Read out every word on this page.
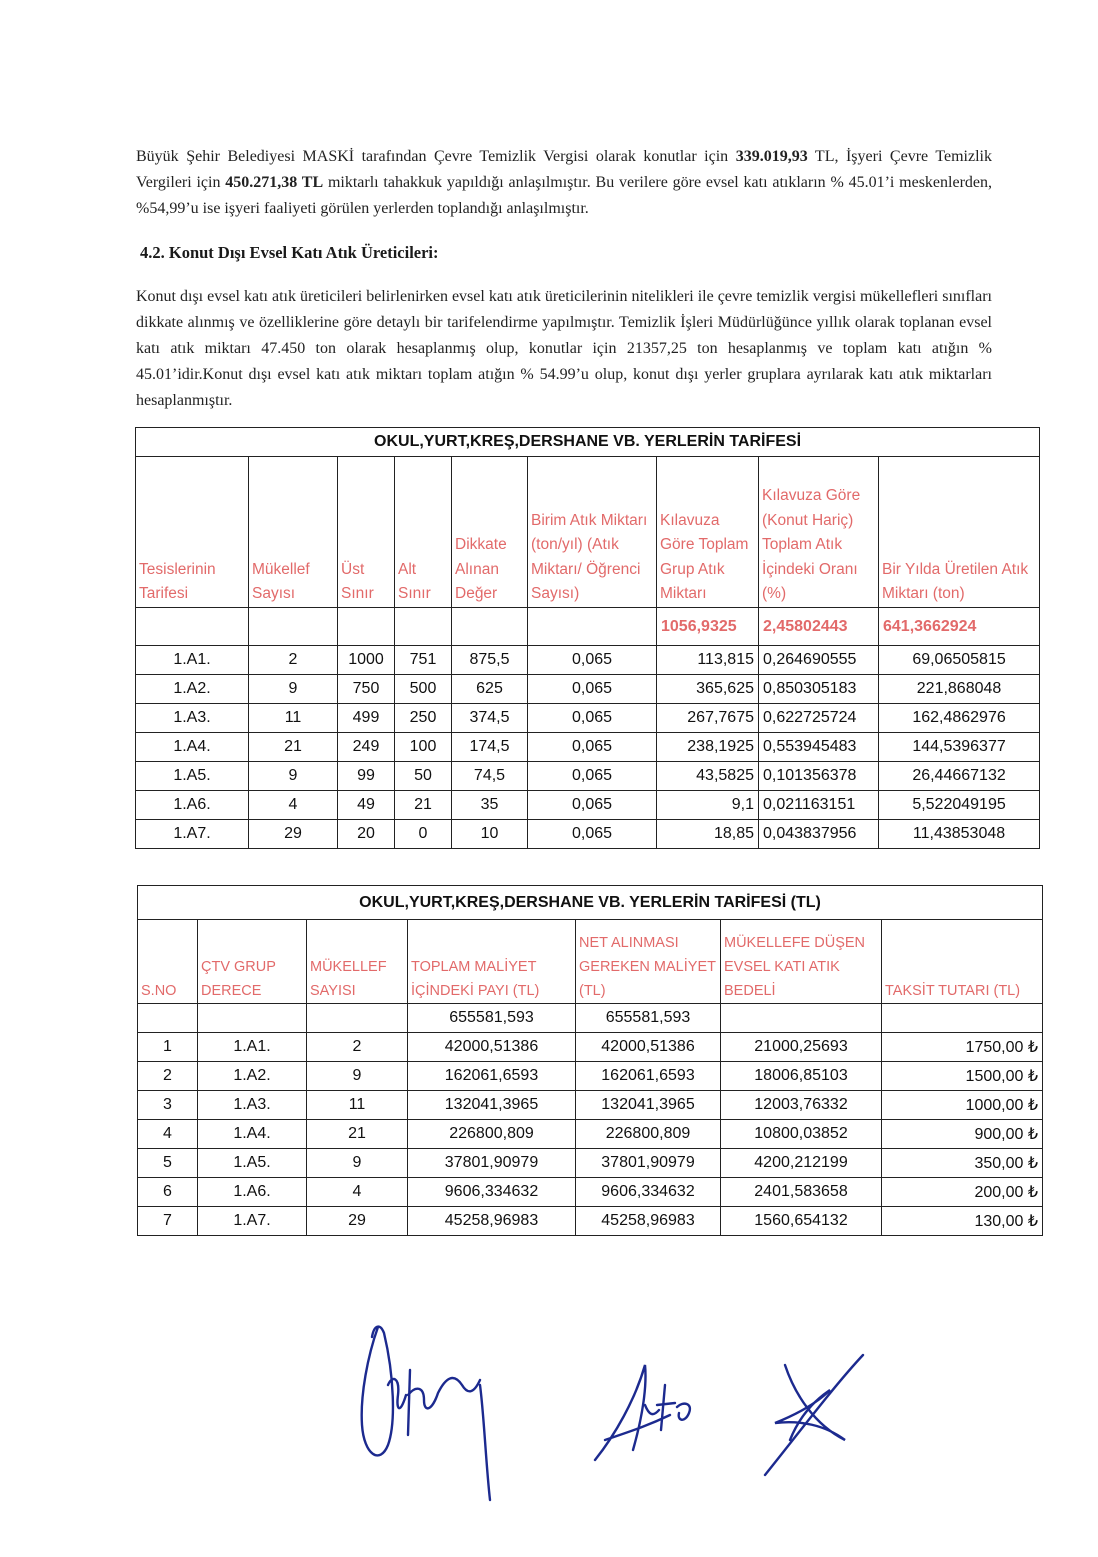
Büyük Şehir Belediyesi MASKİ tarafından Çevre Temizlik Vergisi olarak konutlar için 339.019,93 TL, İşyeri Çevre Temizlik Vergileri için 450.271,38 TL miktarlı tahakkuk yapıldığı anlaşılmıştır. Bu verilere göre evsel katı atıkların % 45.01’i meskenlerden, %54,99’u ise işyeri faaliyeti görülen yerlerden toplandığı anlaşılmıştır.
4.2. Konut Dışı Evsel Katı Atık Üreticileri:
Konut dışı evsel katı atık üreticileri belirlenirken evsel katı atık üreticilerinin nitelikleri ile çevre temizlik vergisi mükellefleri sınıfları dikkate alınmış ve özelliklerine göre detaylı bir tarifelendirme yapılmıştır. Temizlik İşleri Müdürlüğünce yıllık olarak toplanan evsel katı atık miktarı 47.450 ton olarak hesaplanmış olup, konutlar için 21357,25 ton hesaplanmış ve toplam katı atığın % 45.01’idir.Konut dışı evsel katı atık miktarı toplam atığın % 54.99’u olup, konut dışı yerler gruplara ayrılarak katı atık miktarları hesaplanmıştır.
OKUL,YURT,KREŞ,DERSHANE VB. YERLERİN TARİFESİ								
Tesislerinin Tarifesi	Mükellef Sayısı	Üst Sınır	Alt Sınır	Dikkate Alınan Değer	Birim Atık Miktarı (ton/yıl) (Atık Miktarı/ Öğrenci Sayısı)	Kılavuza Göre Toplam Grup Atık Miktarı	Kılavuza Göre (Konut Hariç) Toplam Atık İçindeki Oranı (%)	Bir Yılda Üretilen Atık Miktarı (ton)
						1056,9325	2,45802443	641,3662924
1.A1.	2	1000	751	875,5	0,065	113,815	0,264690555	69,06505815
1.A2.	9	750	500	625	0,065	365,625	0,850305183	221,868048
1.A3.	11	499	250	374,5	0,065	267,7675	0,622725724	162,4862976
1.A4.	21	249	100	174,5	0,065	238,1925	0,553945483	144,5396377
1.A5.	9	99	50	74,5	0,065	43,5825	0,101356378	26,44667132
1.A6.	4	49	21	35	0,065	9,1	0,021163151	5,522049195
1.A7.	29	20	0	10	0,065	18,85	0,043837956	11,43853048
OKUL,YURT,KREŞ,DERSHANE VB. YERLERİN TARİFESİ (TL)						
S.NO	ÇTV GRUP DERECE	MÜKELLEF SAYISI	TOPLAM MALİYET İÇİNDEKİ PAYI (TL)	NET ALINMASI GEREKEN MALİYET (TL)	MÜKELLEFE DÜŞEN EVSEL KATI ATIK BEDELİ	TAKSİT TUTARI (TL)
			655581,593	655581,593		
1	1.A1.	2	42000,51386	42000,51386	21000,25693	1750,00 ₺
2	1.A2.	9	162061,6593	162061,6593	18006,85103	1500,00 ₺
3	1.A3.	11	132041,3965	132041,3965	12003,76332	1000,00 ₺
4	1.A4.	21	226800,809	226800,809	10800,03852	900,00 ₺
5	1.A5.	9	37801,90979	37801,90979	4200,212199	350,00 ₺
6	1.A6.	4	9606,334632	9606,334632	2401,583658	200,00 ₺
7	1.A7.	29	45258,96983	45258,96983	1560,654132	130,00 ₺
